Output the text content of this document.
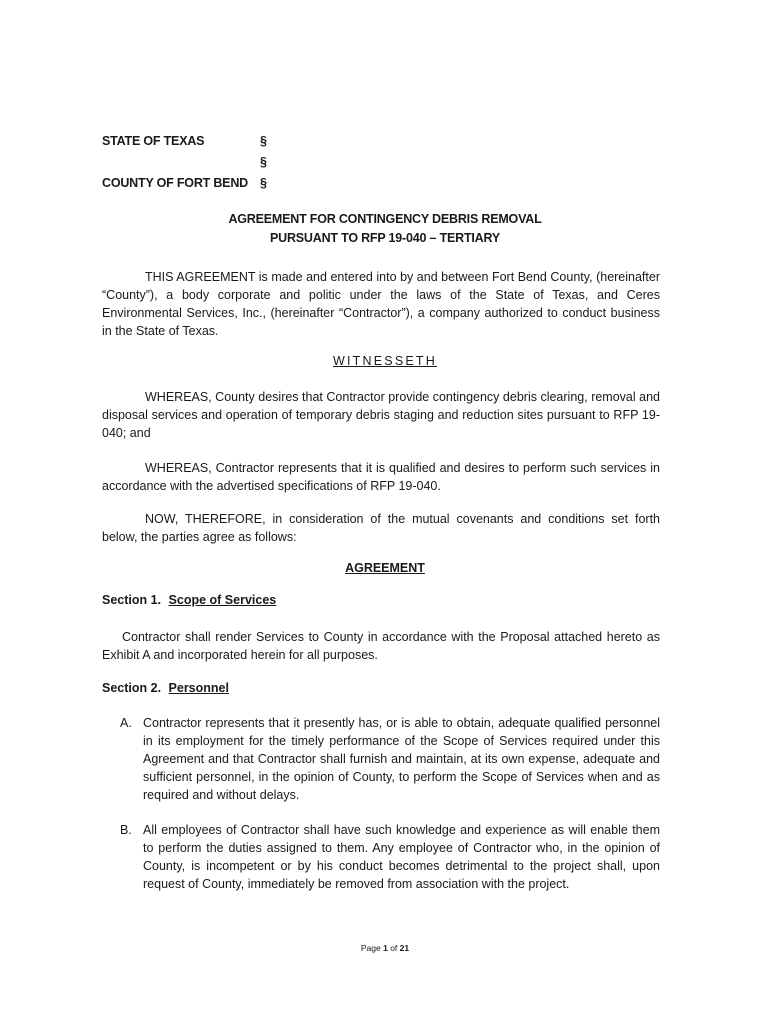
STATE OF TEXAS	§
§
COUNTY OF FORT BEND §
AGREEMENT FOR CONTINGENCY DEBRIS REMOVAL
PURSUANT TO RFP 19-040 – TERTIARY

THIS AGREEMENT is made and entered into by and between Fort Bend County, (hereinafter “County”), a body corporate and politic under the laws of the State of Texas, and Ceres Environmental Services, Inc., (hereinafter “Contractor”), a company authorized to conduct business in the State of Texas.

WITNESSETH

WHEREAS, County desires that Contractor provide contingency debris clearing, removal and disposal services and operation of temporary debris staging and reduction sites pursuant to RFP 19-040; and

WHEREAS, Contractor represents that it is qualified and desires to perform such services in accordance with the advertised specifications of RFP 19-040.

NOW, THEREFORE, in consideration of the mutual covenants and conditions set forth below, the parties agree as follows:

AGREEMENT
Section 1. Scope of Services

Contractor shall render Services to County in accordance with the Proposal attached hereto as Exhibit A and incorporated herein for all purposes.

Section 2. Personnel
A. Contractor represents that it presently has, or is able to obtain, adequate qualified personnel in its employment for the timely performance of the Scope of Services required under this Agreement and that Contractor shall furnish and maintain, at its own expense, adequate and sufficient personnel, in the opinion of County, to perform the Scope of Services when and as required and without delays.
B. All employees of Contractor shall have such knowledge and experience as will enable them to perform the duties assigned to them. Any employee of Contractor who, in the opinion of County, is incompetent or by his conduct becomes detrimental to the project shall, upon request of County, immediately be removed from association with the project.
Page 1 of 21
